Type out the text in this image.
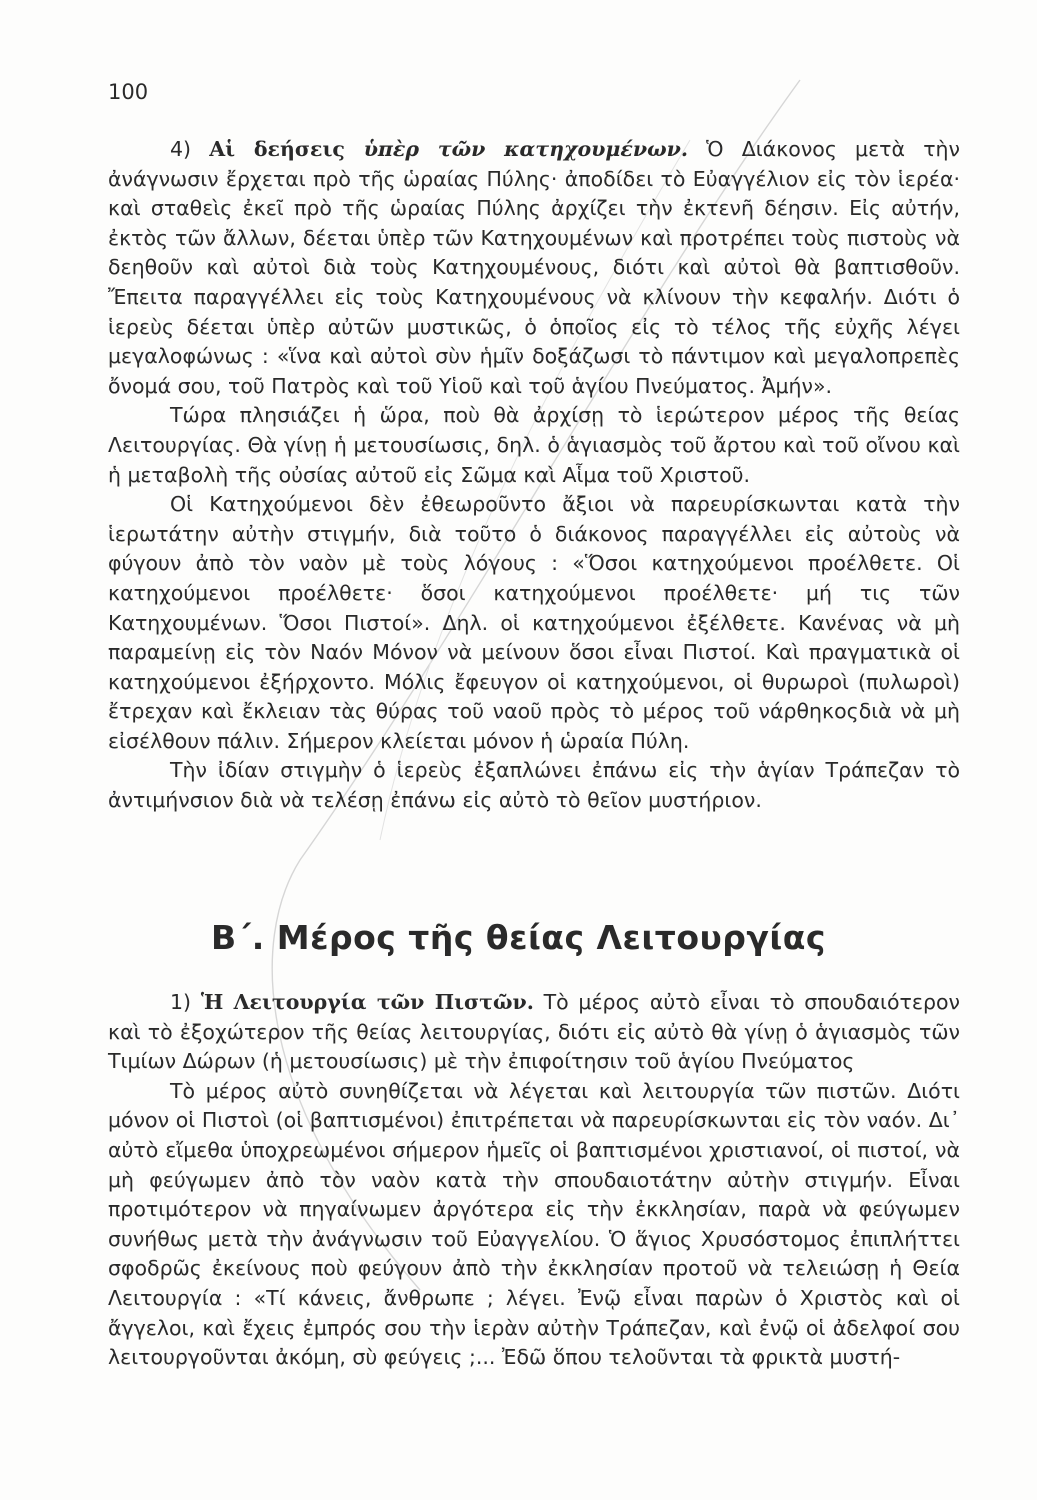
100

4) Αἱ δεήσεις ὑπὲρ τῶν κατηχουμένων. Ὁ Διάκονος μετὰ τὴν ἀνάγνωσιν ἔρχεται πρὸ τῆς ὡραίας Πύλης· ἀποδίδει τὸ Εὐαγγέλιον εἰς τὸν ἱερέα· καὶ σταθεὶς ἐκεῖ πρὸ τῆς ὡραίας Πύλης ἀρχίζει τὴν ἐκτενῆ δέησιν. Εἰς αὐτήν, ἐκτὸς τῶν ἄλλων, δέεται ὑπὲρ τῶν Κατηχουμένων καὶ προτρέπει τοὺς πιστοὺς νὰ δεηθοῦν καὶ αὐτοὶ διὰ τοὺς Κατηχουμένους, διότι καὶ αὐτοὶ θὰ βαπτισθοῦν. Ἔπειτα παραγγέλλει εἰς τοὺς Κατηχουμένους νὰ κλίνουν τὴν κεφαλήν. Διότι ὁ ἱερεὺς δέεται ὑπὲρ αὐτῶν μυστικῶς, ὁ ὁποῖος εἰς τὸ τέλος τῆς εὐχῆς λέγει μεγαλοφώνως : «ἵνα καὶ αὐτοὶ σὺν ἡμῖν δοξάζωσι τὸ πάντιμον καὶ μεγαλοπρεπὲς ὄνομά σου, τοῦ Πατρὸς καὶ τοῦ Υἱοῦ καὶ τοῦ ἁγίου Πνεύματος. Ἀμήν».

Τώρα πλησιάζει ἡ ὥρα, ποὺ θὰ ἀρχίσῃ τὸ ἱερώτερον μέρος τῆς θείας Λειτουργίας. Θὰ γίνῃ ἡ μετουσίωσις, δηλ. ὁ ἁγιασμὸς τοῦ ἄρτου καὶ τοῦ οἴνου καὶ ἡ μεταβολὴ τῆς οὐσίας αὐτοῦ εἰς Σῶμα καὶ Αἷμα τοῦ Χριστοῦ.

Οἱ Κατηχούμενοι δὲν ἐθεωροῦντο ἄξιοι νὰ παρευρίσκωνται κατὰ τὴν ἱερωτάτην αὐτὴν στιγμήν, διὰ τοῦτο ὁ διάκονος παραγγέλλει εἰς αὐτοὺς νὰ φύγουν ἀπὸ τὸν ναὸν μὲ τοὺς λόγους : «Ὅσοι κατηχούμενοι προέλθετε. Οἱ κατηχούμενοι προέλθετε· ὅσοι κατηχούμενοι προέλθετε· μή τις τῶν Κατηχουμένων. Ὅσοι Πιστοί». Δηλ. οἱ κατηχούμενοι ἐξέλθετε. Κανένας νὰ μὴ παραμείνῃ εἰς τὸν Ναόν Μόνον νὰ μείνουν ὅσοι εἶναι Πιστοί. Καὶ πραγματικὰ οἱ κατηχούμενοι ἐξήρχοντο. Μόλις ἔφευγον οἱ κατηχούμενοι, οἱ θυρωροὶ (πυλωροὶ) ἔτρεχαν καὶ ἔκλειαν τὰς θύρας τοῦ ναοῦ πρὸς τὸ μέρος τοῦ νάρθηκοςδιὰ νὰ μὴ εἰσέλθουν πάλιν. Σήμερον κλείεται μόνον ἡ ὡραία Πύλη.

Τὴν ἰδίαν στιγμὴν ὁ ἱερεὺς ἐξαπλώνει ἐπάνω εἰς τὴν ἁγίαν Τράπεζαν τὸ ἀντιμήνσιον διὰ νὰ τελέσῃ ἐπάνω εἰς αὐτὸ τὸ θεῖον μυστήριον.

Β΄. Μέρος τῆς θείας Λειτουργίας

1) Ἡ Λειτουργία τῶν Πιστῶν. Τὸ μέρος αὐτὸ εἶναι τὸ σπουδαιότερον καὶ τὸ ἐξοχώτερον τῆς θείας λειτουργίας, διότι εἰς αὐτὸ θὰ γίνῃ ὁ ἁγιασμὸς τῶν Τιμίων Δώρων (ἡ μετουσίωσις) μὲ τὴν ἐπιφοίτησιν τοῦ ἁγίου Πνεύματος

Τὸ μέρος αὐτὸ συνηθίζεται νὰ λέγεται καὶ λειτουργία τῶν πιστῶν. Διότι μόνον οἱ Πιστοὶ (οἱ βαπτισμένοι) ἐπιτρέπεται νὰ παρευρίσκωνται εἰς τὸν ναόν. Δι᾿ αὐτὸ εἴμεθα ὑποχρεωμένοι σήμερον ἡμεῖς οἱ βαπτισμένοι χριστιανοί, οἱ πιστοί, νὰ μὴ φεύγωμεν ἀπὸ τὸν ναὸν κατὰ τὴν σπουδαιοτάτην αὐτὴν στιγμήν. Εἶναι προτιμότερον νὰ πηγαίνωμεν ἀργότερα εἰς τὴν ἐκκλησίαν, παρὰ νὰ φεύγωμεν συνήθως μετὰ τὴν ἀνάγνωσιν τοῦ Εὐαγγελίου. Ὁ ἅγιος Χρυσόστομος ἐπιπλήττει σφοδρῶς ἐκείνους ποὺ φεύγουν ἀπὸ τὴν ἐκκλησίαν προτοῦ νὰ τελειώσῃ ἡ Θεία Λειτουργία : «Τί κάνεις, ἄνθρωπε ; λέγει. Ἐνῷ εἶναι παρὼν ὁ Χριστὸς καὶ οἱ ἄγγελοι, καὶ ἔχεις ἐμπρός σου τὴν ἱερὰν αὐτὴν Τράπεζαν, καὶ ἐνῷ οἱ ἀδελφοί σου λειτουργοῦνται ἀκόμη, σὺ φεύγεις ;... Ἐδῶ ὅπου τελοῦνται τὰ φρικτὰ μυστή-
